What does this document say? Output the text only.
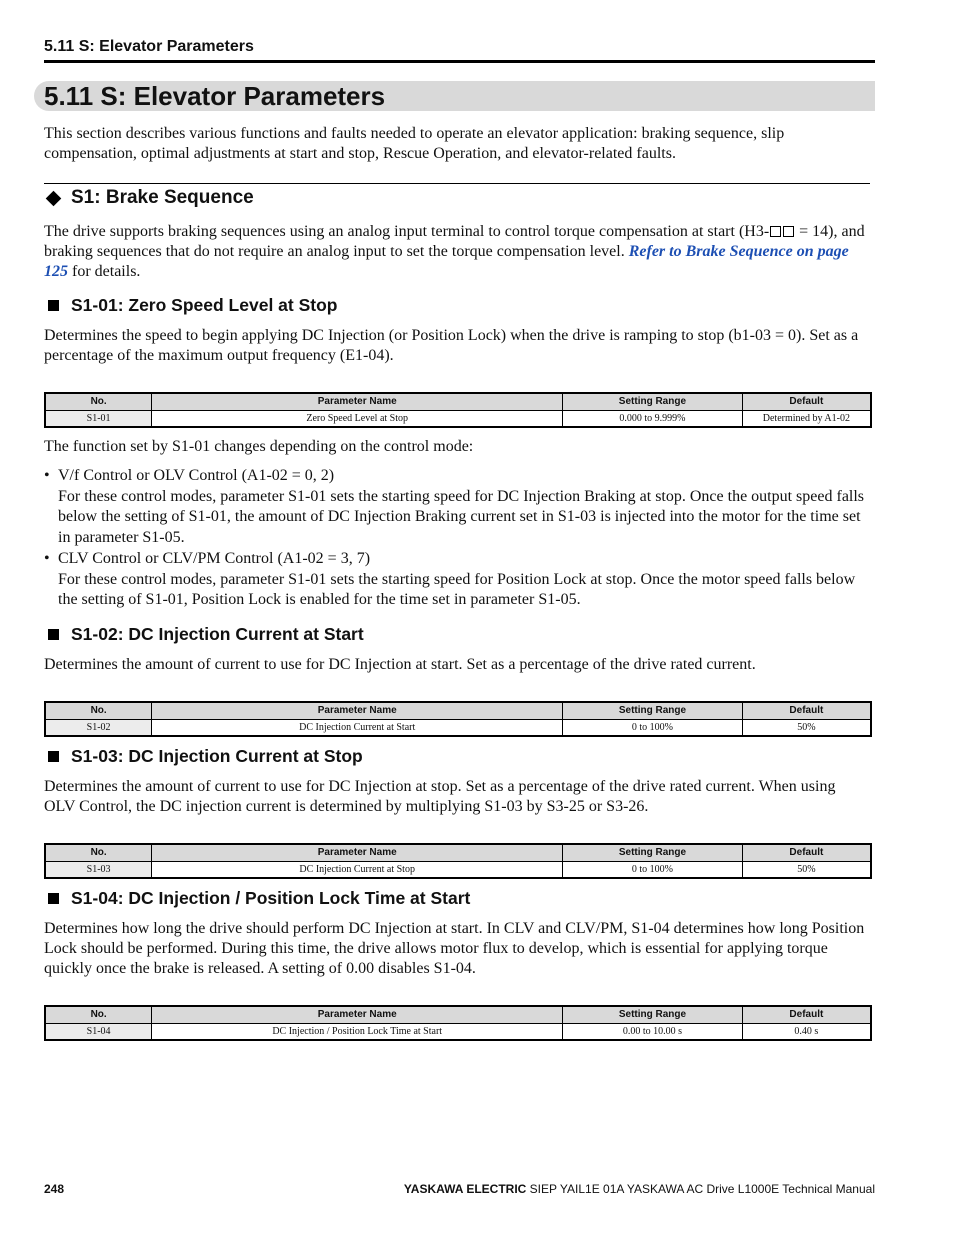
5.11 S: Elevator Parameters
5.11 S: Elevator Parameters
This section describes various functions and faults needed to operate an elevator application: braking sequence, slip compensation, optimal adjustments at start and stop, Rescue Operation, and elevator-related faults.
S1: Brake Sequence
The drive supports braking sequences using an analog input terminal to control torque compensation at start (H3- = 14), and braking sequences that do not require an analog input to set the torque compensation level. Refer to Brake Sequence on page 125 for details.
S1-01: Zero Speed Level at Stop
Determines the speed to begin applying DC Injection (or Position Lock) when the drive is ramping to stop (b1-03 = 0). Set as a percentage of the maximum output frequency (E1-04).
No.	Parameter Name	Setting Range	Default
S1-01	Zero Speed Level at Stop	0.000 to 9.999%	Determined by A1-02
The function set by S1-01 changes depending on the control mode:
• V/f Control or OLV Control (A1-02 = 0, 2)
For these control modes, parameter S1-01 sets the starting speed for DC Injection Braking at stop. Once the output speed falls below the setting of S1-01, the amount of DC Injection Braking current set in S1-03 is injected into the motor for the time set in parameter S1-05.
• CLV Control or CLV/PM Control (A1-02 = 3, 7)
For these control modes, parameter S1-01 sets the starting speed for Position Lock at stop. Once the motor speed falls below the setting of S1-01, Position Lock is enabled for the time set in parameter S1-05.
S1-02: DC Injection Current at Start
Determines the amount of current to use for DC Injection at start. Set as a percentage of the drive rated current.
No.	Parameter Name	Setting Range	Default
S1-02	DC Injection Current at Start	0 to 100%	50%
S1-03: DC Injection Current at Stop
Determines the amount of current to use for DC Injection at stop. Set as a percentage of the drive rated current. When using OLV Control, the DC injection current is determined by multiplying S1-03 by S3-25 or S3-26.
No.	Parameter Name	Setting Range	Default
S1-03	DC Injection Current at Stop	0 to 100%	50%
S1-04: DC Injection / Position Lock Time at Start
Determines how long the drive should perform DC Injection at start. In CLV and CLV/PM, S1-04 determines how long Position Lock should be performed. During this time, the drive allows motor flux to develop, which is essential for applying torque quickly once the brake is released. A setting of 0.00 disables S1-04.
No.	Parameter Name	Setting Range	Default
S1-04	DC Injection / Position Lock Time at Start	0.00 to 10.00 s	0.40 s
248	YASKAWA ELECTRIC SIEP YAIL1E 01A YASKAWA AC Drive L1000E Technical Manual
